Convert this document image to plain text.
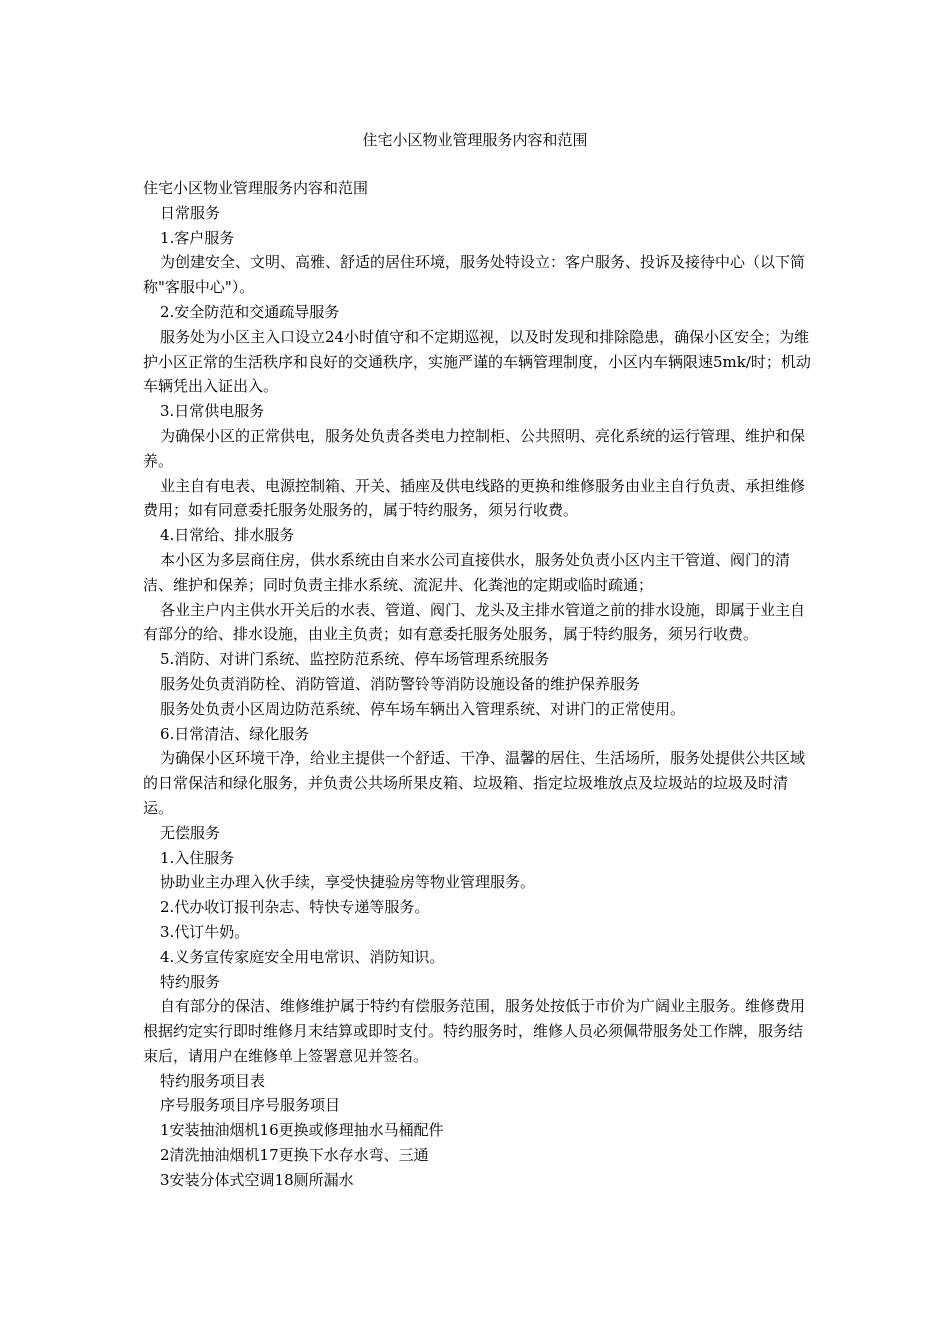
住宅小区物业管理服务内容和范围

住宅小区物业管理服务内容和范围

日常服务

1.客户服务

为创建安全、文明、高雅、舒适的居住环境，服务处特设立：客户服务、投诉及接待中心（以下简称"客服中心"）。

2.安全防范和交通疏导服务

服务处为小区主入口设立24小时值守和不定期巡视，以及时发现和排除隐患，确保小区安全；为维护小区正常的生活秩序和良好的交通秩序，实施严谨的车辆管理制度，小区内车辆限速5mk/时；机动车辆凭出入证出入。

3.日常供电服务

为确保小区的正常供电，服务处负责各类电力控制柜、公共照明、亮化系统的运行管理、维护和保养。

业主自有电表、电源控制箱、开关、插座及供电线路的更换和维修服务由业主自行负责、承担维修费用；如有同意委托服务处服务的，属于特约服务，须另行收费。

4.日常给、排水服务

本小区为多层商住房，供水系统由自来水公司直接供水，服务处负责小区内主干管道、阀门的清洁、维护和保养；同时负责主排水系统、流泥井、化粪池的定期或临时疏通；

各业主户内主供水开关后的水表、管道、阀门、龙头及主排水管道之前的排水设施，即属于业主自有部分的给、排水设施，由业主负责；如有意委托服务处服务，属于特约服务，须另行收费。

5.消防、对讲门系统、监控防范系统、停车场管理系统服务

服务处负责消防栓、消防管道、消防警铃等消防设施设备的维护保养服务

服务处负责小区周边防范系统、停车场车辆出入管理系统、对讲门的正常使用。

6.日常清洁、绿化服务

为确保小区环境干净，给业主提供一个舒适、干净、温馨的居住、生活场所，服务处提供公共区域的日常保洁和绿化服务，并负责公共场所果皮箱、垃圾箱、指定垃圾堆放点及垃圾站的垃圾及时清运。

无偿服务

1.入住服务

协助业主办理入伙手续，享受快捷验房等物业管理服务。

2.代办收订报刊杂志、特快专递等服务。

3.代订牛奶。

4.义务宣传家庭安全用电常识、消防知识。

特约服务

自有部分的保洁、维修维护属于特约有偿服务范围，服务处按低于市价为广阔业主服务。维修费用根据约定实行即时维修月末结算或即时支付。特约服务时，维修人员必须佩带服务处工作牌，服务结束后，请用户在维修单上签署意见并签名。

特约服务项目表

序号服务项目序号服务项目

1安装抽油烟机16更换或修理抽水马桶配件

2清洗抽油烟机17更换下水存水弯、三通

3安装分体式空调18厕所漏水
